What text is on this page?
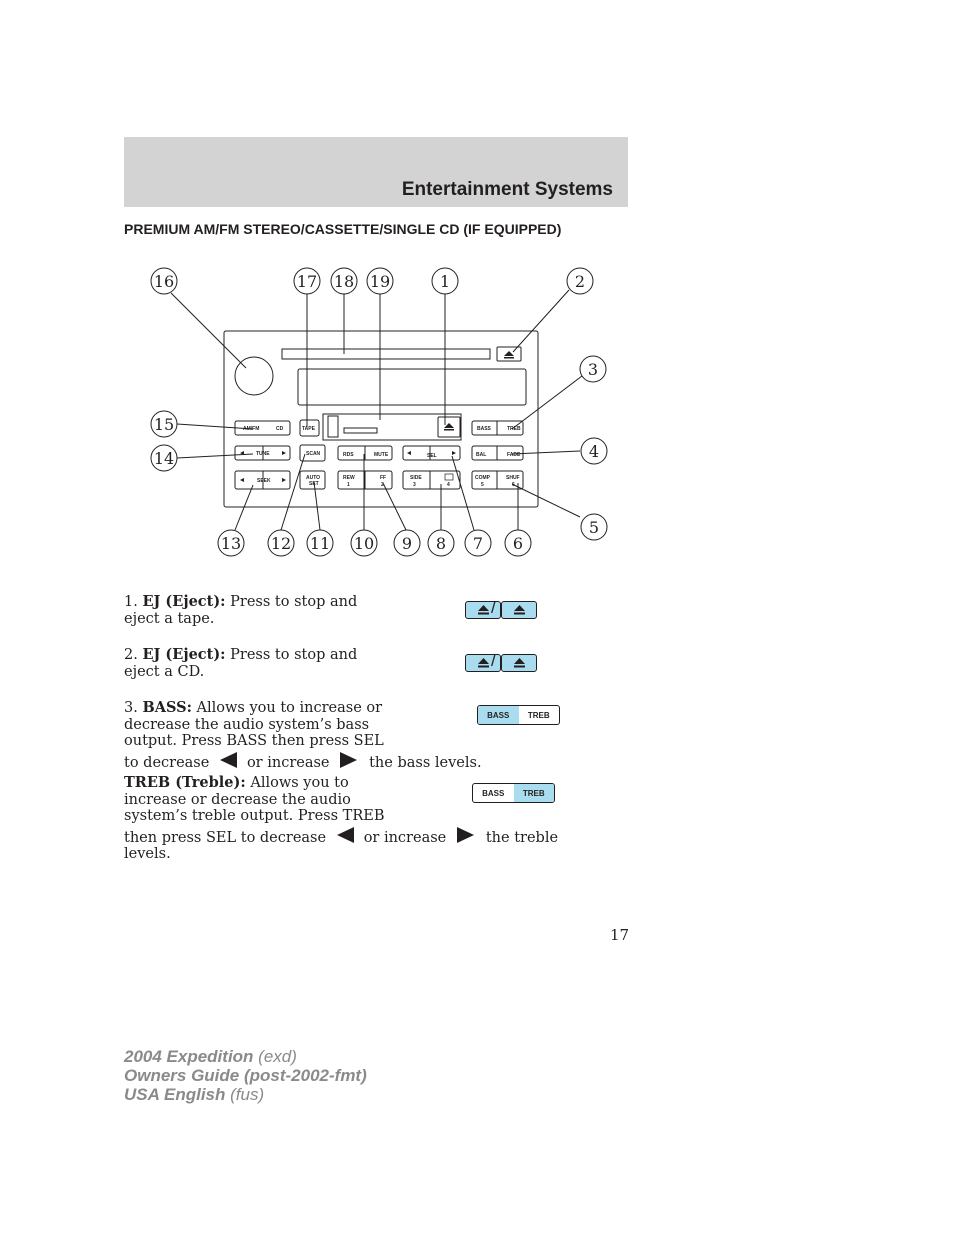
Entertainment Systems
PREMIUM AM/FM STEREO/CASSETTE/SINGLE CD (IF EQUIPPED)
AM/FM	CD	TAPE	BASS	TREB
TUNE	SCAN	RDS	MUTE	SEL	BAL	FADE
SEEK	AUTO
SET
REW	FF
1	2
SIDE
3	4
COMP	SHUF
5	6
16	17 18 19	1	2
3
4
5
6
7
8
9
10
11
12
13
14
15
1. EJ (Eject): Press to stop and
eject a tape.
/
2. EJ (Eject): Press to stop and
eject a CD.
/
3. BASS: Allows you to increase or
decrease the audio system’s bass
output. Press BASS then press SEL
to decrease	or increase	the bass levels.
BASS	TREB
TREB (Treble): Allows you to
increase or decrease the audio
system’s treble output. Press TREB
then press SEL to decrease	or increase	the treble levels.
BASS	TREB
17
2004 Expedition (exd)
Owners Guide (post-2002-fmt)
USA English (fus)
